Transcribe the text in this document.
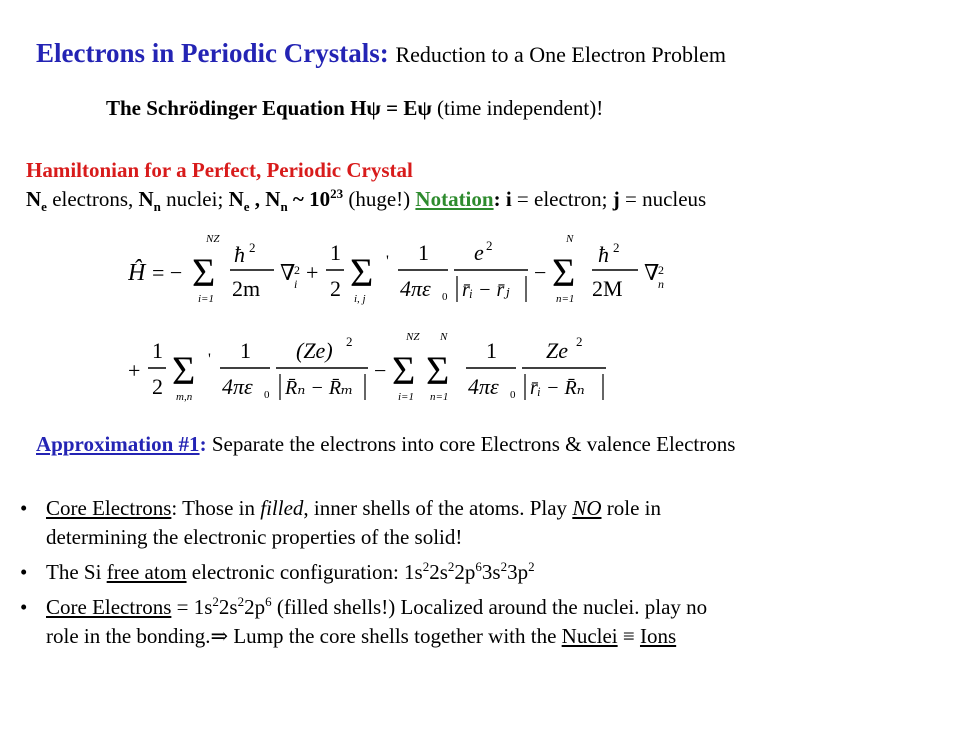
Electrons in Periodic Crystals: Reduction to a One Electron Problem
The Schrödinger Equation Hψ = Eψ (time independent)!
Hamiltonian for a Perfect, Periodic Crystal
$N_e$ electrons, $N_n$ nuclei; $N_e$ , $N_n$ ~ $10^{23}$ (huge!) Notation: i = electron; j = nucleus
Ĥ = −
NZ
Σ
i=1
ħ 2
2m
∇
2
i +
1
2 Σ '
i, j
1
4πε 0
e 2
r̄ᵢ − r̄ⱼ
−
N
Σ
n=1
ħ 2
2M
∇
2
n
+
1
2 Σ '
m,n
1
4πε 0
(Ze) 2
R̄ₙ − R̄ₘ
−
NZ
Σ
i=1
N
Σ
n=1
1
4πε 0
Ze 2
r̄ᵢ − R̄ₙ
Approximation #1: Separate the electrons into core Electrons & valence Electrons
• Core Electrons: Those in filled, inner shells of the atoms. Play NO role in
determining the electronic properties of the solid!
• The Si free atom electronic configuration: $1s^22s^22p^63s^23p^2$
• Core Electrons = $1s^22s^22p^6$ (filled shells!) Localized around the nuclei. play no
role in the bonding.⇒ Lump the core shells together with the Nuclei ≡ Ions
